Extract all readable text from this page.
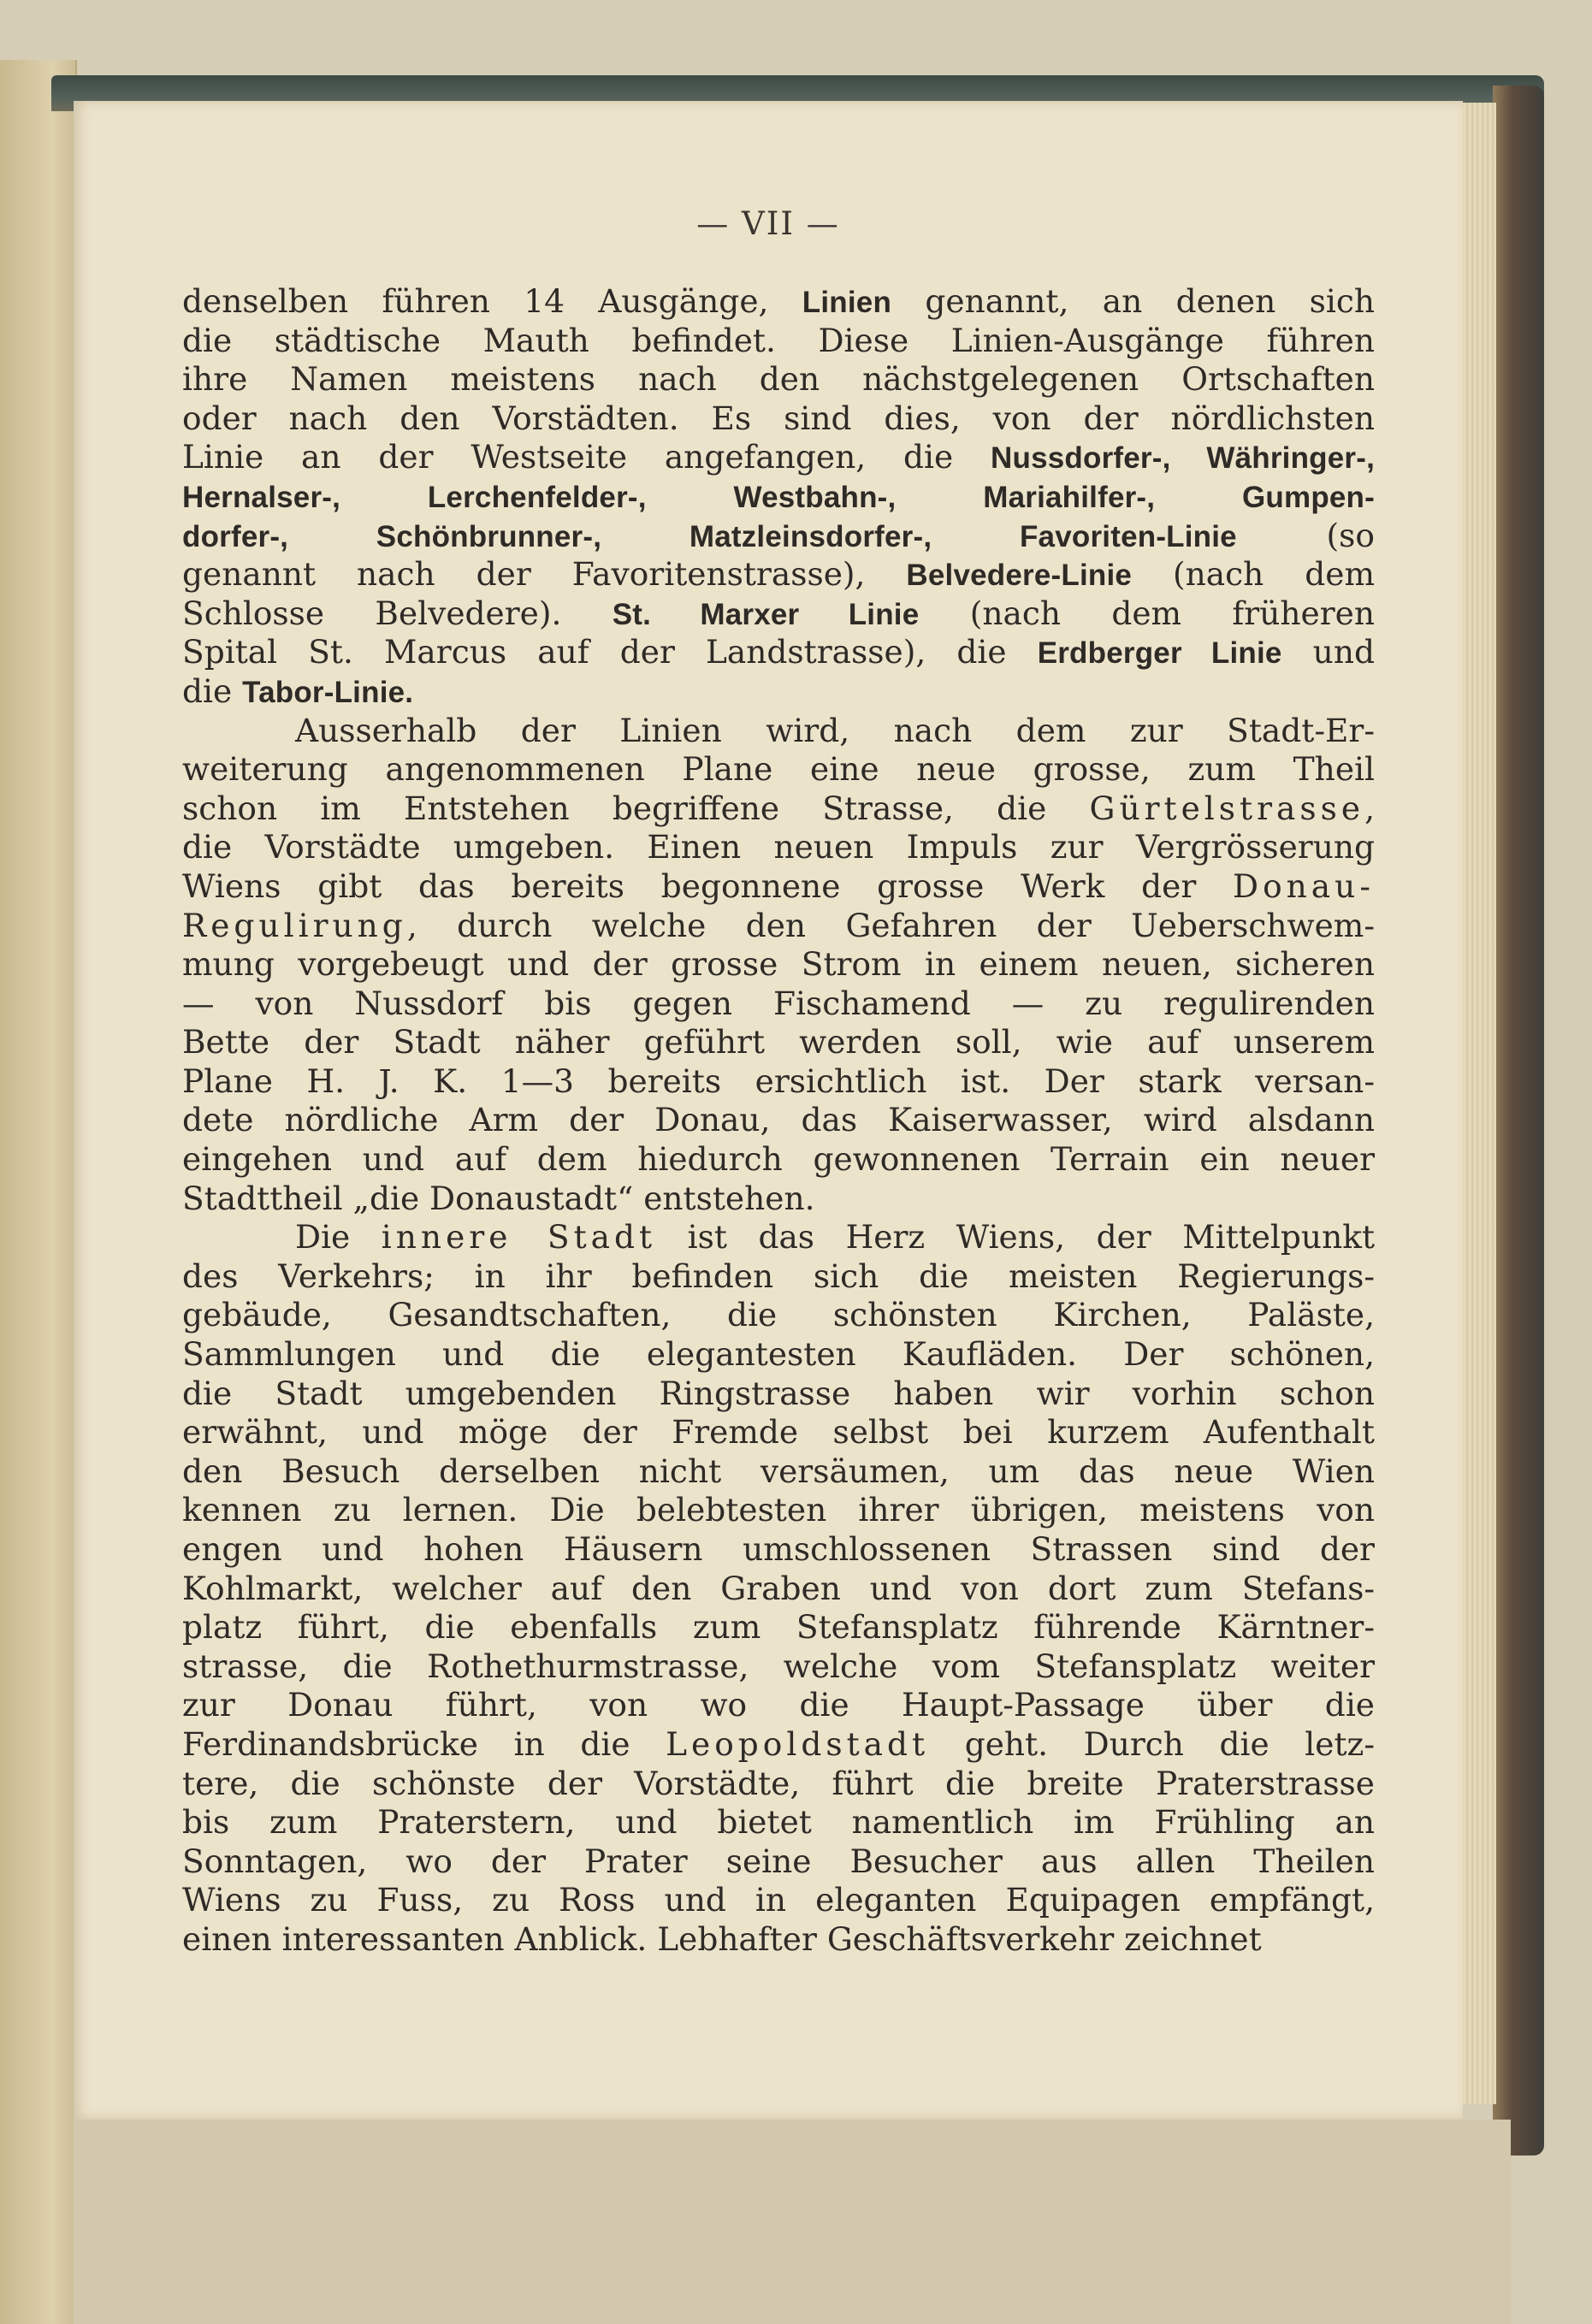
— VII —
denselben führen 14 Ausgänge, Linien genannt, an denen sich
die städtische Mauth befindet. Diese Linien-Ausgänge führen
ihre Namen meistens nach den nächstgelegenen Ortschaften
oder nach den Vorstädten. Es sind dies, von der nördlichsten
Linie an der Westseite angefangen, die Nussdorfer-, Währinger-,
Hernalser-, Lerchenfelder-, Westbahn-, Mariahilfer-, Gumpen-
dorfer-, Schönbrunner-, Matzleinsdorfer-, Favoriten-Linie (so
genannt nach der Favoritenstrasse), Belvedere-Linie (nach dem
Schlosse Belvedere). St. Marxer Linie (nach dem früheren
Spital St. Marcus auf der Landstrasse), die Erdberger Linie und
die Tabor-Linie.
Ausserhalb der Linien wird, nach dem zur Stadt-Er-
weiterung angenommenen Plane eine neue grosse, zum Theil
schon im Entstehen begriffene Strasse, die Gürtelstrasse,
die Vorstädte umgeben. Einen neuen Impuls zur Vergrösserung
Wiens gibt das bereits begonnene grosse Werk der Donau-
Regulirung, durch welche den Gefahren der Ueberschwem-
mung vorgebeugt und der grosse Strom in einem neuen, sicheren
— von Nussdorf bis gegen Fischamend — zu regulirenden
Bette der Stadt näher geführt werden soll, wie auf unserem
Plane H. J. K. 1—3 bereits ersichtlich ist. Der stark versan-
dete nördliche Arm der Donau, das Kaiserwasser, wird alsdann
eingehen und auf dem hiedurch gewonnenen Terrain ein neuer
Stadttheil „die Donaustadt“ entstehen.
Die innere Stadt ist das Herz Wiens, der Mittelpunkt
des Verkehrs; in ihr befinden sich die meisten Regierungs-
gebäude, Gesandtschaften, die schönsten Kirchen, Paläste,
Sammlungen und die elegantesten Kaufläden. Der schönen,
die Stadt umgebenden Ringstrasse haben wir vorhin schon
erwähnt, und möge der Fremde selbst bei kurzem Aufenthalt
den Besuch derselben nicht versäumen, um das neue Wien
kennen zu lernen. Die belebtesten ihrer übrigen, meistens von
engen und hohen Häusern umschlossenen Strassen sind der
Kohlmarkt, welcher auf den Graben und von dort zum Stefans-
platz führt, die ebenfalls zum Stefansplatz führende Kärntner-
strasse, die Rothethurmstrasse, welche vom Stefansplatz weiter
zur Donau führt, von wo die Haupt-Passage über die
Ferdinandsbrücke in die Leopoldstadt geht. Durch die letz-
tere, die schönste der Vorstädte, führt die breite Praterstrasse
bis zum Praterstern, und bietet namentlich im Frühling an
Sonntagen, wo der Prater seine Besucher aus allen Theilen
Wiens zu Fuss, zu Ross und in eleganten Equipagen empfängt,
einen interessanten Anblick. Lebhafter Geschäftsverkehr zeichnet
